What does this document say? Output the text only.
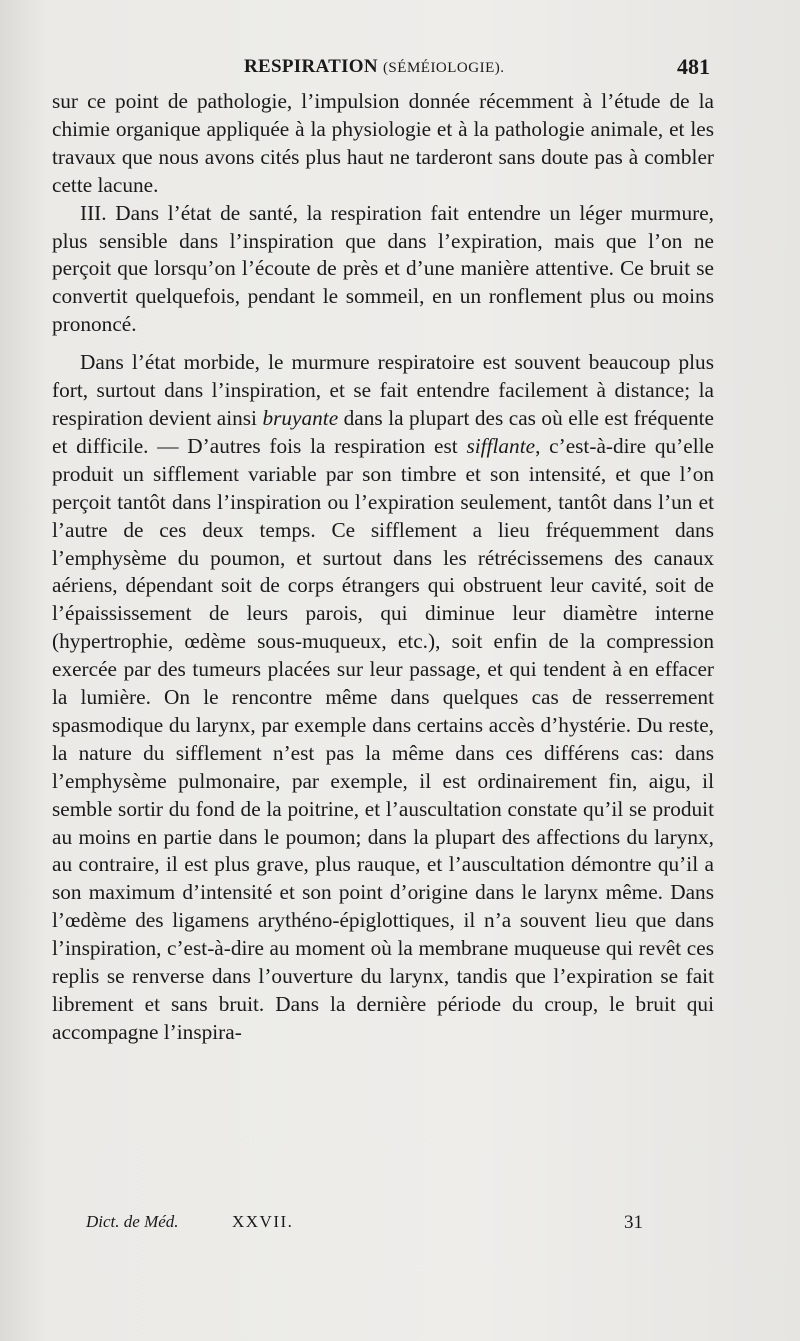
RESPIRATION (SÉMÉIOLOGIE).	481

sur ce point de pathologie, l’impulsion donnée récemment à l’étude de la chimie organique appliquée à la physiologie et à la pathologie animale, et les travaux que nous avons cités plus haut ne tarderont sans doute pas à combler cette lacune.

III. Dans l’état de santé, la respiration fait entendre un léger murmure, plus sensible dans l’inspiration que dans l’expiration, mais que l’on ne perçoit que lorsqu’on l’écoute de près et d’une manière attentive. Ce bruit se convertit quelquefois, pendant le sommeil, en un ronflement plus ou moins prononcé.

Dans l’état morbide, le murmure respiratoire est souvent beaucoup plus fort, surtout dans l’inspiration, et se fait entendre facilement à distance; la respiration devient ainsi bruyante dans la plupart des cas où elle est fréquente et difficile. — D’autres fois la respiration est sifflante, c’est-à-dire qu’elle produit un sifflement variable par son timbre et son intensité, et que l’on perçoit tantôt dans l’inspiration ou l’expiration seulement, tantôt dans l’un et l’autre de ces deux temps. Ce sifflement a lieu fréquemment dans l’emphysème du poumon, et surtout dans les rétrécissemens des canaux aériens, dépendant soit de corps étrangers qui obstruent leur cavité, soit de l’épaississement de leurs parois, qui diminue leur diamètre interne (hypertrophie, œdème sous-muqueux, etc.), soit enfin de la compression exercée par des tumeurs placées sur leur passage, et qui tendent à en effacer la lumière. On le rencontre même dans quelques cas de resserrement spasmodique du larynx, par exemple dans certains accès d’hystérie. Du reste, la nature du sifflement n’est pas la même dans ces différens cas: dans l’emphysème pulmonaire, par exemple, il est ordinairement fin, aigu, il semble sortir du fond de la poitrine, et l’auscultation constate qu’il se produit au moins en partie dans le poumon; dans la plupart des affections du larynx, au contraire, il est plus grave, plus rauque, et l’auscultation démontre qu’il a son maximum d’intensité et son point d’origine dans le larynx même. Dans l’œdème des ligamens arythéno-épiglottiques, il n’a souvent lieu que dans l’inspiration, c’est-à-dire au moment où la membrane muqueuse qui revêt ces replis se renverse dans l’ouverture du larynx, tandis que l’expiration se fait librement et sans bruit. Dans la dernière période du croup, le bruit qui accompagne l’inspira-

Dict. de Méd.	XXVII.	31
